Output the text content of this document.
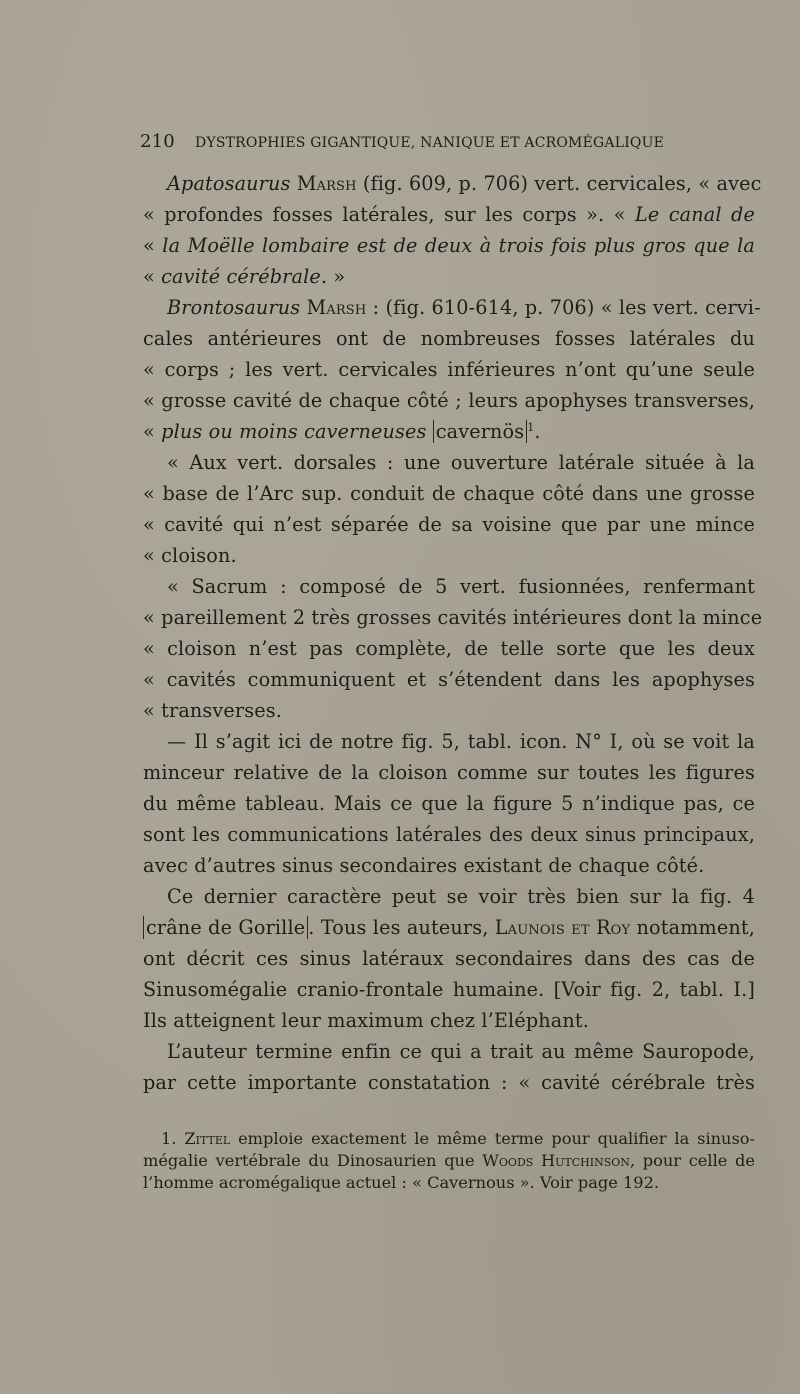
210 DYSTROPHIES GIGANTIQUE, NANIQUE ET ACROMÉGALIQUE
Apatosaurus Marsh (fig. 609, p. 706) vert. cervicales, « avec
« profondes fosses latérales, sur les corps ». « Le canal de
« la Moëlle lombaire est de deux à trois fois plus gros que la
« cavité cérébrale. »
Brontosaurus Marsh : (fig. 610-614, p. 706) « les vert. cervi-
cales antérieures ont de nombreuses fosses latérales du
« corps ; les vert. cervicales inférieures n’ont qu’une seule
« grosse cavité de chaque côté ; leurs apophyses transverses,
« plus ou moins caverneuses cavernös $^1$.
« Aux vert. dorsales : une ouverture latérale située à la
« base de l’Arc sup. conduit de chaque côté dans une grosse
« cavité qui n’est séparée de sa voisine que par une mince
« cloison.
« Sacrum : composé de 5 vert. fusionnées, renfermant
« pareillement 2 très grosses cavités intérieures dont la mince
« cloison n’est pas complète, de telle sorte que les deux
« cavités communiquent et s’étendent dans les apophyses
« transverses.
— Il s’agit ici de notre fig. 5, tabl. icon. N° I, où se voit la
minceur relative de la cloison comme sur toutes les figures
du même tableau. Mais ce que la figure 5 n’indique pas, ce
sont les communications latérales des deux sinus principaux,
avec d’autres sinus secondaires existant de chaque côté.
Ce dernier caractère peut se voir très bien sur la fig. 4
crâne de Gorille . Tous les auteurs, Launois et Roy notamment,
ont décrit ces sinus latéraux secondaires dans des cas de
Sinusomégalie cranio-frontale humaine. [Voir fig. 2, tabl. I.]
Ils atteignent leur maximum chez l’Eléphant.
L’auteur termine enfin ce qui a trait au même Sauropode,
par cette importante constatation : « cavité cérébrale très
1. Zittel emploie exactement le même terme pour qualifier la sinuso-
mégalie vertébrale du Dinosaurien que Woods Hutchinson, pour celle de
l’homme acromégalique actuel : « Cavernous ». Voir page 192.
